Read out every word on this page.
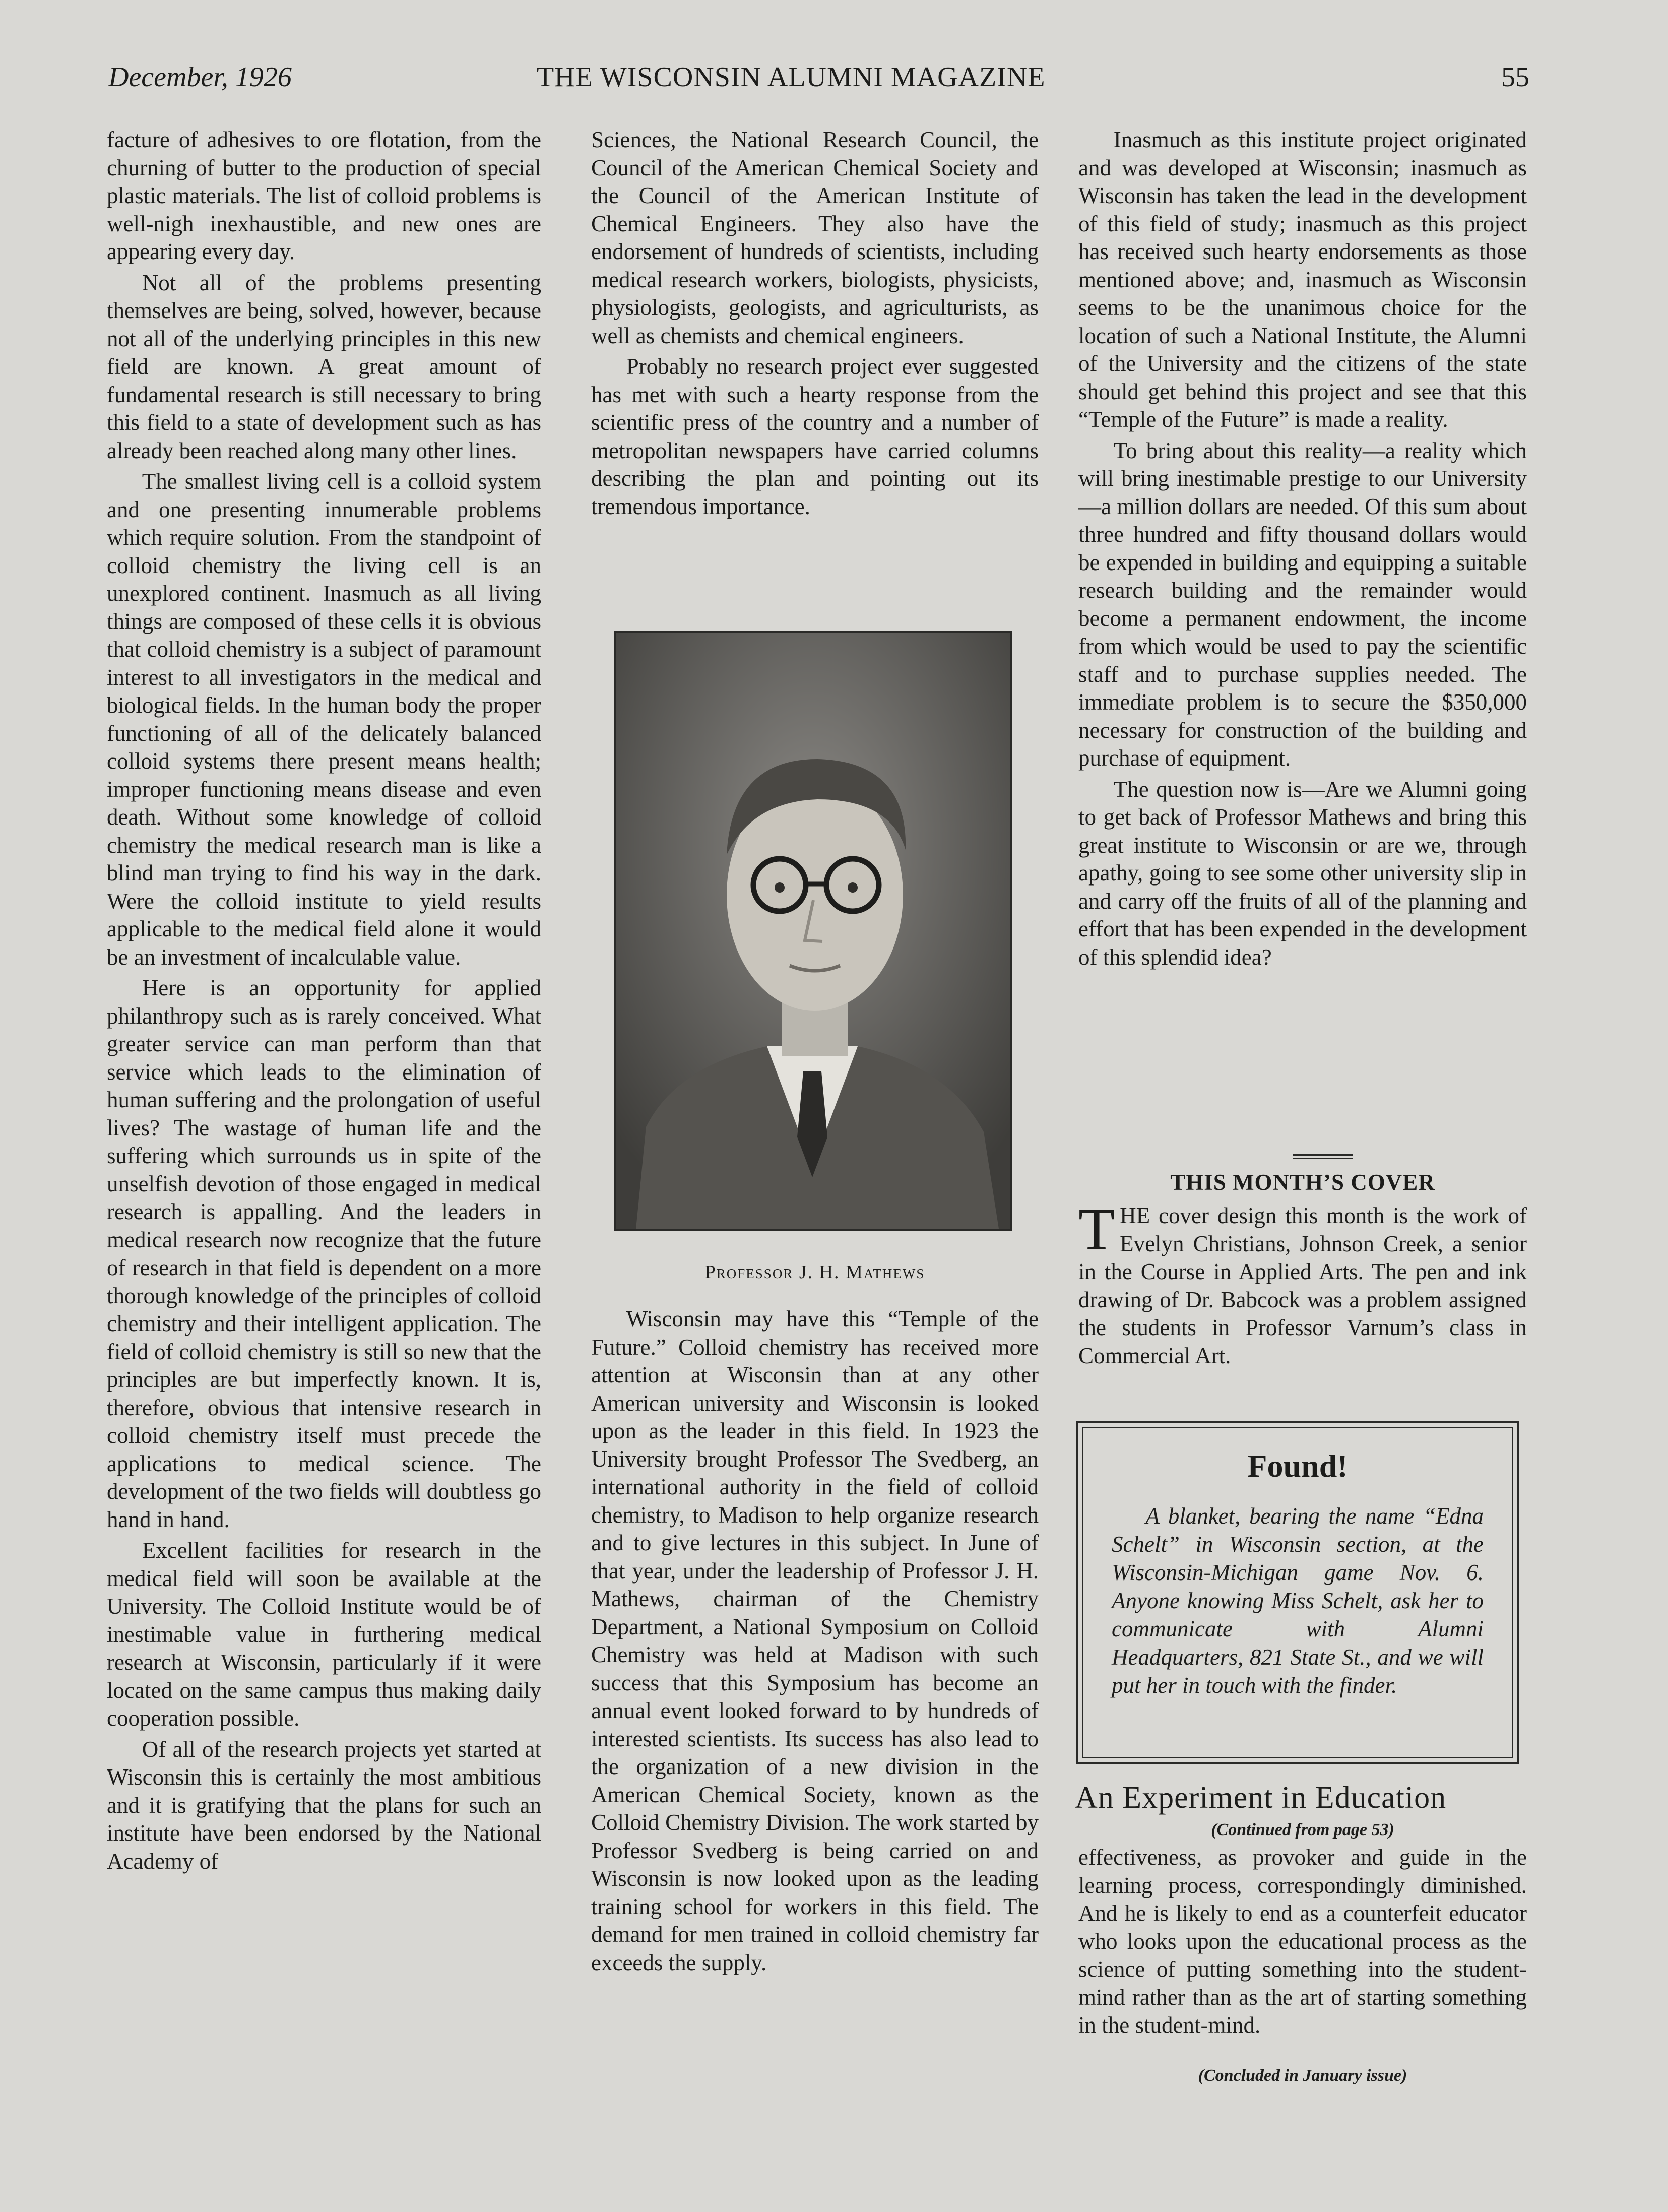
December, 1926	THE WISCONSIN ALUMNI MAGAZINE	55

facture of adhesives to ore flotation, from the churning of butter to the production of special plastic materials. The list of colloid problems is well-nigh inexhaustible, and new ones are appearing every day.

Not all of the problems presenting themselves are being, solved, however, because not all of the underlying principles in this new field are known. A great amount of fundamental research is still necessary to bring this field to a state of development such as has already been reached along many other lines.

The smallest living cell is a colloid system and one presenting innumerable problems which require solution. From the standpoint of colloid chemistry the living cell is an unexplored continent. Inasmuch as all living things are composed of these cells it is obvious that colloid chemistry is a subject of paramount interest to all investigators in the medical and biological fields. In the human body the proper functioning of all of the delicately balanced colloid systems there present means health; improper functioning means disease and even death. Without some knowledge of colloid chemistry the medical research man is like a blind man trying to find his way in the dark. Were the colloid institute to yield results applicable to the medical field alone it would be an investment of incalculable value.

Here is an opportunity for applied philanthropy such as is rarely conceived. What greater service can man perform than that service which leads to the elimination of human suffering and the prolongation of useful lives? The wastage of human life and the suffering which surrounds us in spite of the unselfish devotion of those engaged in medical research is appalling. And the leaders in medical research now recognize that the future of research in that field is dependent on a more thorough knowledge of the principles of colloid chemistry and their intelligent application. The field of colloid chemistry is still so new that the principles are but imperfectly known. It is, therefore, obvious that intensive research in colloid chemistry itself must precede the applications to medical science. The development of the two fields will doubtless go hand in hand.

Excellent facilities for research in the medical field will soon be available at the University. The Colloid Institute would be of inestimable value in furthering medical research at Wisconsin, particularly if it were located on the same campus thus making daily cooperation possible.

Of all of the research projects yet started at Wisconsin this is certainly the most ambitious and it is gratifying that the plans for such an institute have been endorsed by the National Academy of

Sciences, the National Research Council, the Council of the American Chemical Society and the Council of the American Institute of Chemical Engineers. They also have the endorsement of hundreds of scientists, including medical research workers, biologists, physicists, physiologists, geologists, and agriculturists, as well as chemists and chemical engineers.

Probably no research project ever suggested has met with such a hearty response from the scientific press of the country and a number of metropolitan newspapers have carried columns describing the plan and pointing out its tremendous importance.

Professor J. H. Mathews

Wisconsin may have this “Temple of the Future.” Colloid chemistry has received more attention at Wisconsin than at any other American university and Wisconsin is looked upon as the leader in this field. In 1923 the University brought Professor The Svedberg, an international authority in the field of colloid chemistry, to Madison to help organize research and to give lectures in this subject. In June of that year, under the leadership of Professor J. H. Mathews, chairman of the Chemistry Department, a National Symposium on Colloid Chemistry was held at Madison with such success that this Symposium has become an annual event looked forward to by hundreds of interested scientists. Its success has also lead to the organization of a new division in the American Chemical Society, known as the Colloid Chemistry Division. The work started by Professor Svedberg is being carried on and Wisconsin is now looked upon as the leading training school for workers in this field. The demand for men trained in colloid chemistry far exceeds the supply.

Inasmuch as this institute project originated and was developed at Wisconsin; inasmuch as Wisconsin has taken the lead in the development of this field of study; inasmuch as this project has received such hearty endorsements as those mentioned above; and, inasmuch as Wisconsin seems to be the unanimous choice for the location of such a National Institute, the Alumni of the University and the citizens of the state should get behind this project and see that this “Temple of the Future” is made a reality.

To bring about this reality—a reality which will bring inestimable prestige to our University—a million dollars are needed. Of this sum about three hundred and fifty thousand dollars would be expended in building and equipping a suitable research building and the remainder would become a permanent endowment, the income from which would be used to pay the scientific staff and to purchase supplies needed. The immediate problem is to secure the $350,000 necessary for construction of the building and purchase of equipment.

The question now is—Are we Alumni going to get back of Professor Mathews and bring this great institute to Wisconsin or are we, through apathy, going to see some other university slip in and carry off the fruits of all of the planning and effort that has been expended in the development of this splendid idea?

THIS MONTH’S COVER

THE cover design this month is the work of Evelyn Christians, Johnson Creek, a senior in the Course in Applied Arts. The pen and ink drawing of Dr. Babcock was a problem assigned the students in Professor Varnum’s class in Commercial Art.

Found!
A blanket, bearing the name “Edna Schelt” in Wisconsin section, at the Wisconsin-Michigan game Nov. 6. Anyone knowing Miss Schelt, ask her to communicate with Alumni Headquarters, 821 State St., and we will put her in touch with the finder.
An Experiment in Education
(Continued from page 53)

effectiveness, as provoker and guide in the learning process, correspondingly diminished. And he is likely to end as a counterfeit educator who looks upon the educational process as the science of putting something into the student-mind rather than as the art of starting something in the student-mind.

(Concluded in January issue)
